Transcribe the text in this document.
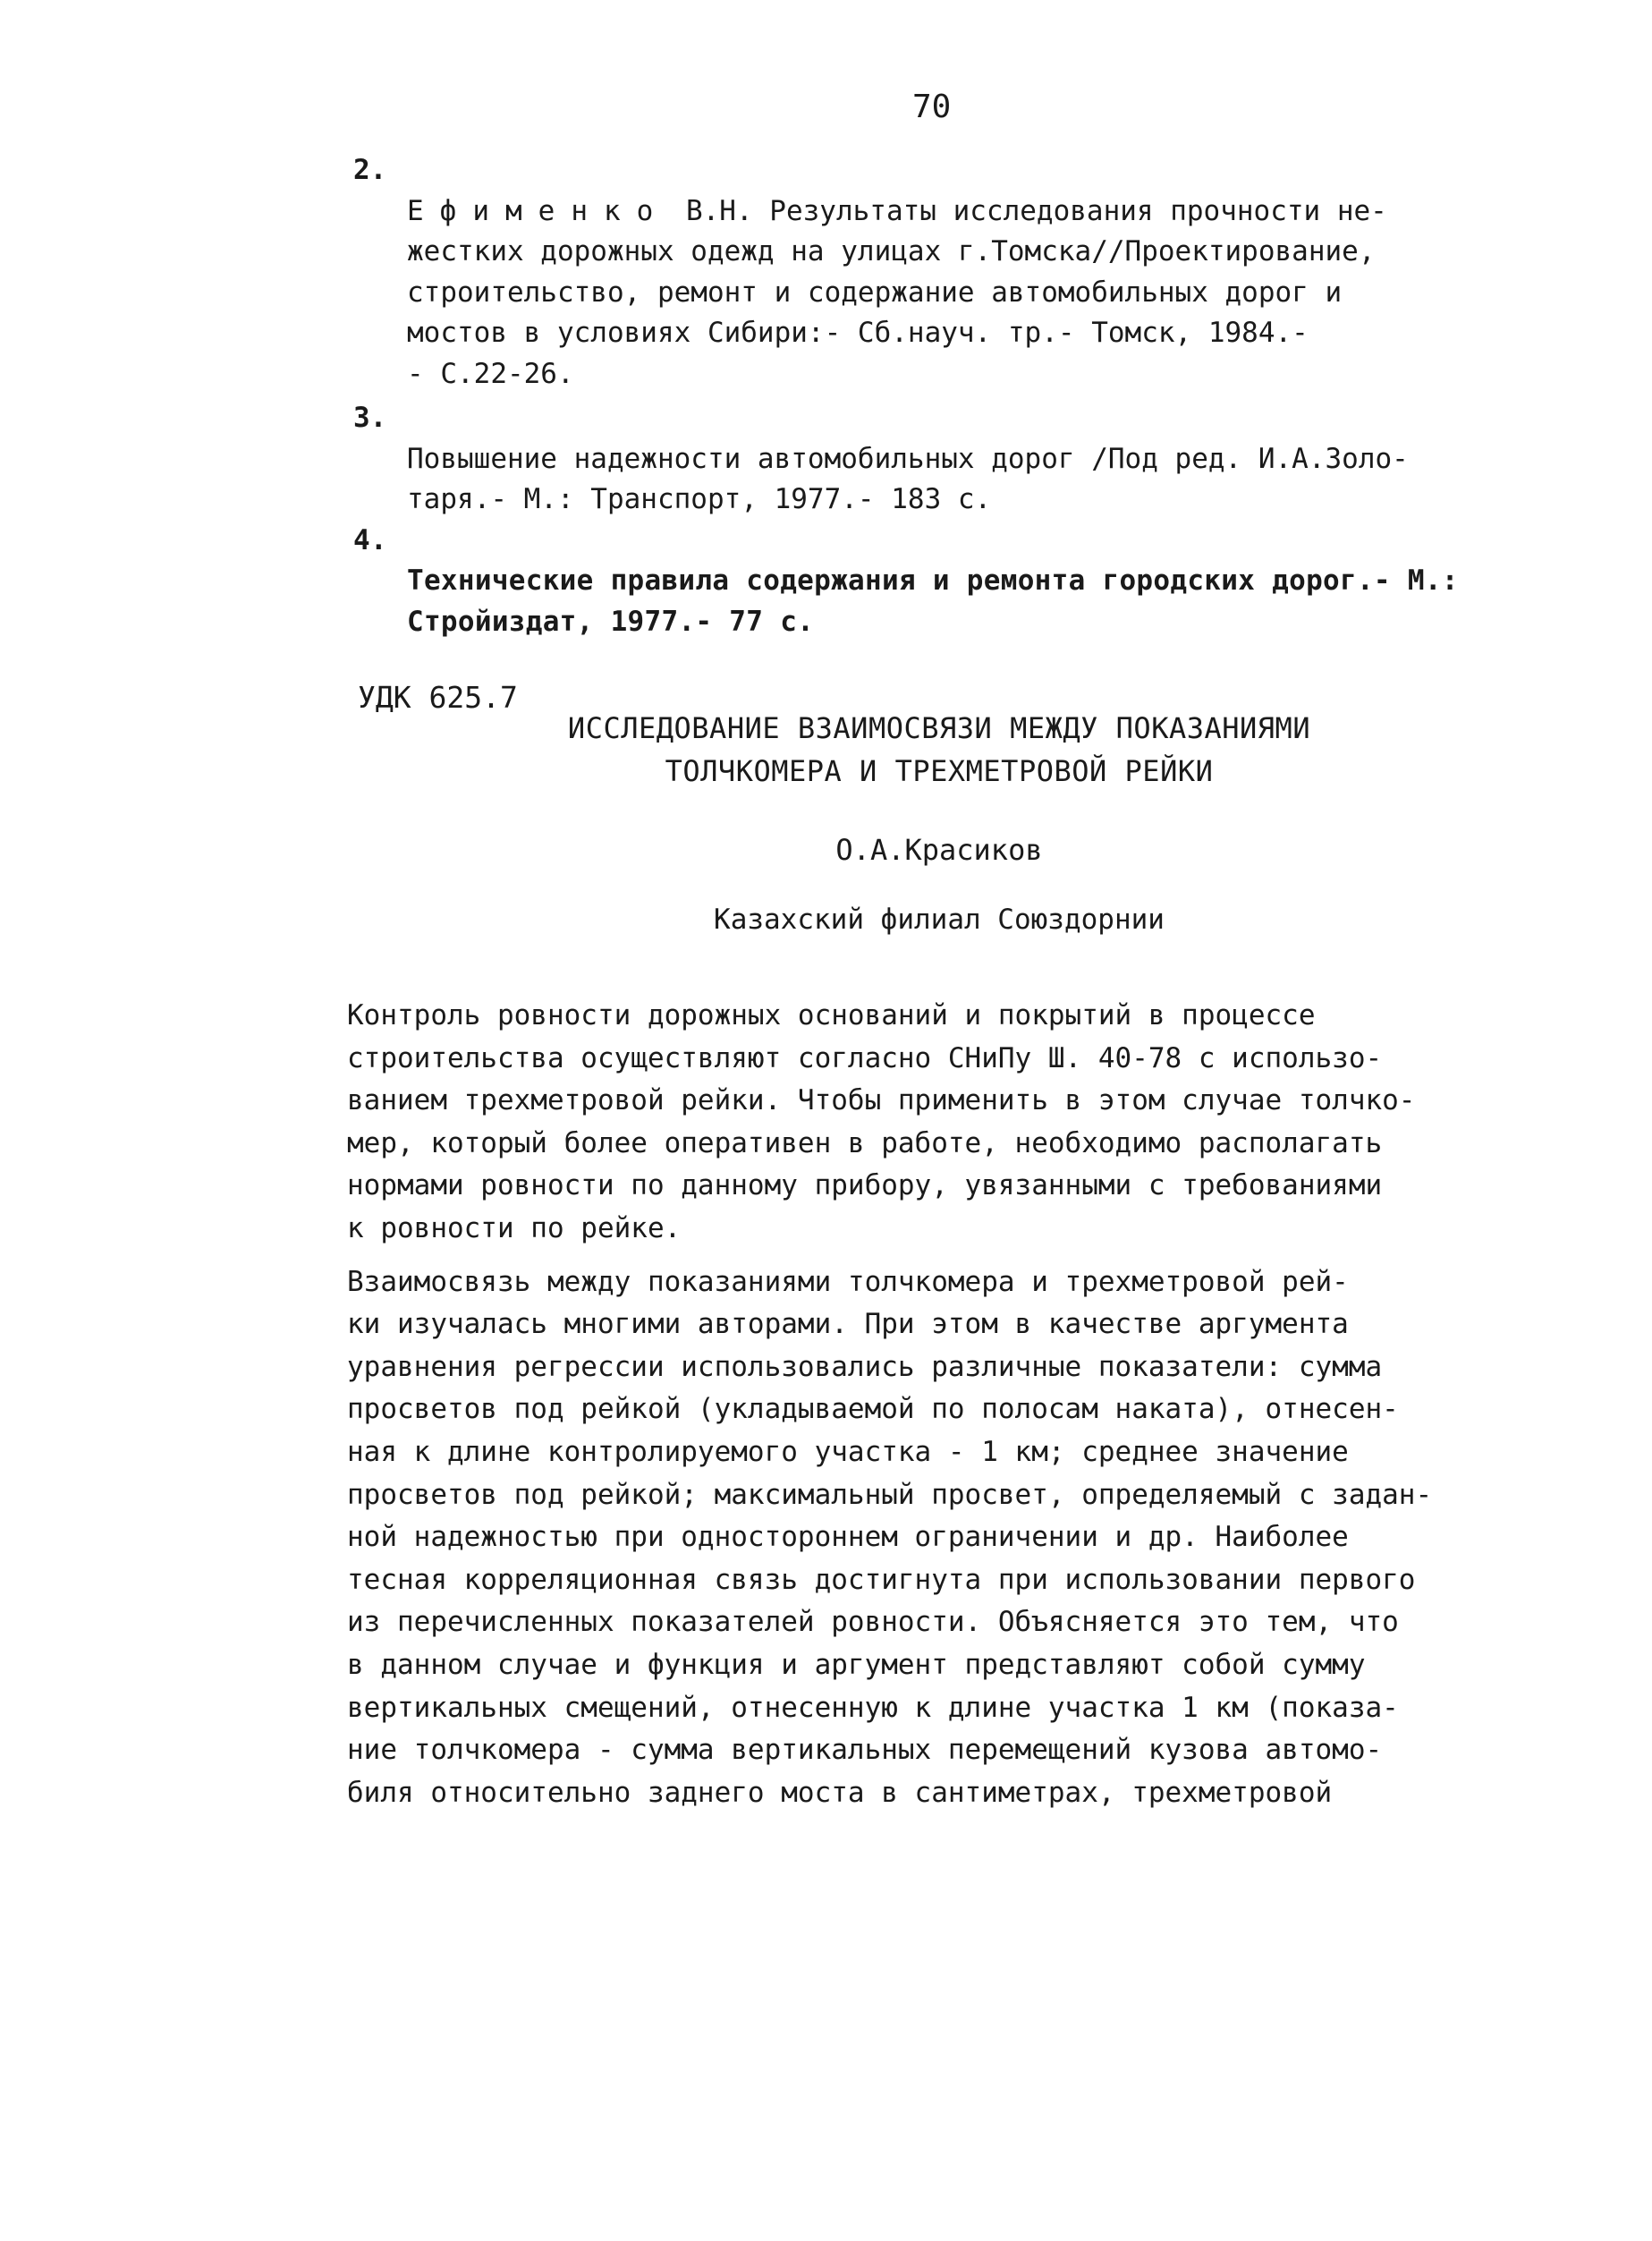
70

2.
Ефименко В.Н. Результаты исследования прочности не-
жестких дорожных одежд на улицах г.Томска//Проектирование,
строительство, ремонт и содержание автомобильных дорог и
мостов в условиях Сибири:- Сб.науч. тр.- Томск, 1984.-
- С.22-26.

3.
Повышение надежности автомобильных дорог /Под ред. И.А.Золо-
таря.- М.: Транспорт, 1977.- 183 с.

4.
Технические правила содержания и ремонта городских дорог.- М.:
Стройиздат, 1977.- 77 с.

УДК 625.7
ИССЛЕДОВАНИЕ ВЗАИМОСВЯЗИ МЕЖДУ ПОКАЗАНИЯМИ
ТОЛЧКОМЕРА И ТРЕХМЕТРОВОЙ РЕЙКИ
О.А.Красиков
Казахский филиал Союздорнии

Контроль ровности дорожных оснований и покрытий в процессе
строительства осуществляют согласно СНиПу Ш. 40-78 с использо-
ванием трехметровой рейки. Чтобы применить в этом случае толчко-
мер, который более оперативен в работе, необходимо располагать
нормами ровности по данному прибору, увязанными с требованиями
к ровности по рейке.

Взаимосвязь между показаниями толчкомера и трехметровой рей-
ки изучалась многими авторами. При этом в качестве аргумента
уравнения регрессии использовались различные показатели: сумма
просветов под рейкой (укладываемой по полосам наката), отнесен-
ная к длине контролируемого участка - 1 км; среднее значение
просветов под рейкой; максимальный просвет, определяемый с задан-
ной надежностью при одностороннем ограничении и др. Наиболее
тесная корреляционная связь достигнута при использовании первого
из перечисленных показателей ровности. Объясняется это тем, что
в данном случае и функция и аргумент представляют собой сумму
вертикальных смещений, отнесенную к длине участка 1 км (показа-
ние толчкомера - сумма вертикальных перемещений кузова автомо-
биля относительно заднего моста в сантиметрах, трехметровой
